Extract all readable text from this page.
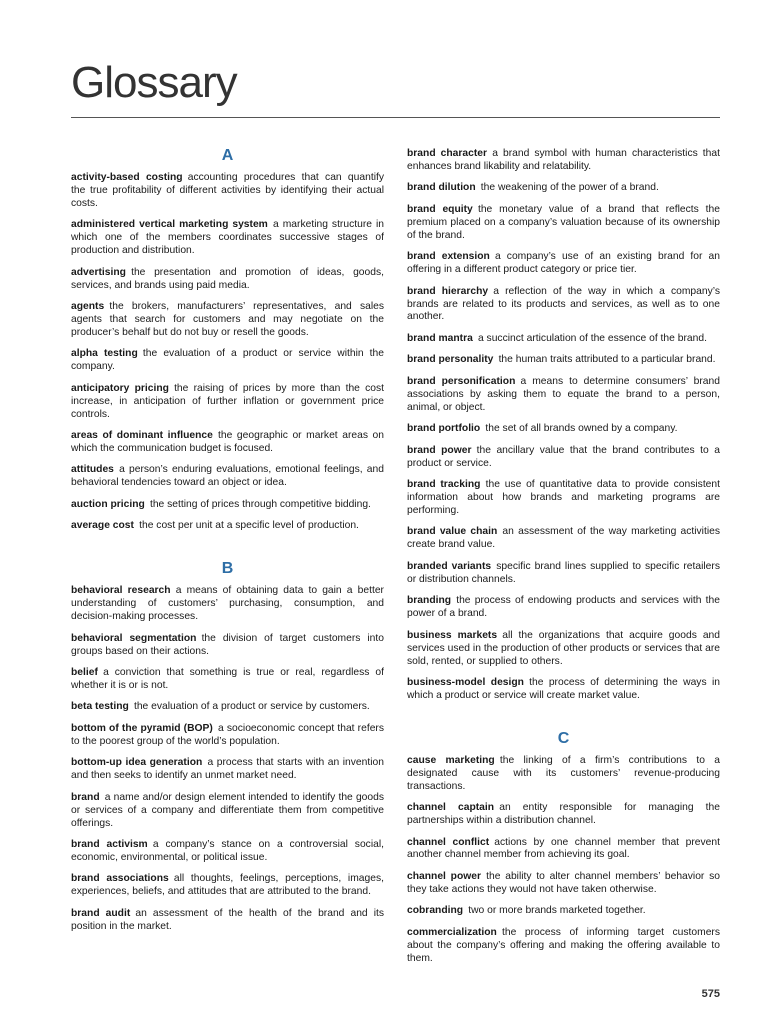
Glossary
A

activity-based costing  accounting procedures that can quantify the true profitability of different activities by identifying their actual costs.

administered vertical marketing system  a marketing structure in which one of the members coordinates successive stages of production and distribution.

advertising  the presentation and promotion of ideas, goods, services, and brands using paid media.

agents  the brokers, manufacturers’ representatives, and sales agents that search for customers and may negotiate on the producer’s behalf but do not buy or resell the goods.

alpha testing  the evaluation of a product or service within the company.

anticipatory pricing  the raising of prices by more than the cost increase, in anticipation of further inflation or government price controls.

areas of dominant influence  the geographic or market areas on which the communication budget is focused.

attitudes  a person’s enduring evaluations, emotional feelings, and behavioral tendencies toward an object or idea.

auction pricing  the setting of prices through competitive bidding.

average cost  the cost per unit at a specific level of production.

B

behavioral research  a means of obtaining data to gain a better understanding of customers’ purchasing, consumption, and decision-making processes.

behavioral segmentation  the division of target customers into groups based on their actions.

belief  a conviction that something is true or real, regardless of whether it is or is not.

beta testing  the evaluation of a product or service by customers.

bottom of the pyramid (BOP)  a socioeconomic concept that refers to the poorest group of the world’s population.

bottom-up idea generation  a process that starts with an invention and then seeks to identify an unmet market need.

brand  a name and/or design element intended to identify the goods or services of a company and differentiate them from competitive offerings.

brand activism  a company’s stance on a controversial social, economic, environmental, or political issue.

brand associations  all thoughts, feelings, perceptions, images, experiences, beliefs, and attitudes that are attributed to the brand.

brand audit  an assessment of the health of the brand and its position in the market.

brand character  a brand symbol with human characteristics that enhances brand likability and relatability.

brand dilution  the weakening of the power of a brand.

brand equity  the monetary value of a brand that reflects the premium placed on a company’s valuation because of its ownership of the brand.

brand extension  a company’s use of an existing brand for an offering in a different product category or price tier.

brand hierarchy  a reflection of the way in which a company’s brands are related to its products and services, as well as to one another.

brand mantra  a succinct articulation of the essence of the brand.

brand personality  the human traits attributed to a particular brand.

brand personification  a means to determine consumers’ brand associations by asking them to equate the brand to a person, animal, or object.

brand portfolio  the set of all brands owned by a company.

brand power  the ancillary value that the brand contributes to a product or service.

brand tracking  the use of quantitative data to provide consistent information about how brands and marketing programs are performing.

brand value chain  an assessment of the way marketing activities create brand value.

branded variants  specific brand lines supplied to specific retailers or distribution channels.

branding  the process of endowing products and services with the power of a brand.

business markets  all the organizations that acquire goods and services used in the production of other products or services that are sold, rented, or supplied to others.

business-model design  the process of determining the ways in which a product or service will create market value.

C

cause marketing  the linking of a firm’s contributions to a designated cause with its customers’ revenue-producing transactions.

channel captain  an entity responsible for managing the partnerships within a distribution channel.

channel conflict  actions by one channel member that prevent another channel member from achieving its goal.

channel power  the ability to alter channel members’ behavior so they take actions they would not have taken otherwise.

cobranding  two or more brands marketed together.

commercialization  the process of informing target customers about the company’s offering and making the offering available to them.

575
